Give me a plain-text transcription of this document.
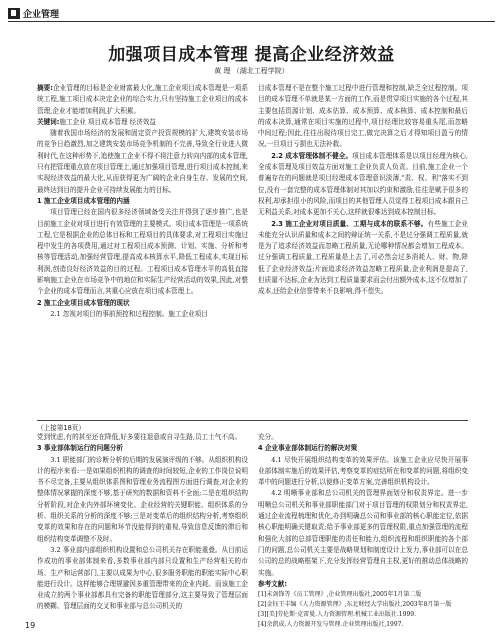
企业管理
加强项目成本管理 提高企业经济效益
黄 理 （湖北工程学院）

摘要:企业管理的目标是企业财富最大化,施工企业项目成本管理是一项系统工程,施工项目成本决定企业的综合实力,只有坚持施工企业项目的成本管理,企业才能增加利润,扩大积累。

关键词:施工企业 项目成本管理 经济效益

随着我国市场经济的发展和固定资产投资规模的扩大,建筑安装市场的竞争日趋激烈,加之建筑安装市场竞争机制的不完善,导致全行业进入微利时代,在这种形势下,追使施工企业不得不将注意力转向内部的成本管理,只有把管理重点放在项目管理上,通过加强项目管理,进行项目成本控制,来实现经济效益的最大化,从而获得更为广阔的企业自身生存、发展的空间,最终达到目的提升企业可持续发展能力的目标。

1 施工企业项目成本管理的内涵

项目管理已经在国内很多经济领域备受关注并得到了逐步推广,也是目前施工企业对项目进行有效管理的主要模式。项目成本管理是一项系统工程,它是根据企业的总体目标和工程项目的具体要求,对工程项目实施过程中发生的各项费用,通过对工程项目成本预测、计划、实施、分析和考核等管理活动,加强经营管理,提高成本核算水平,降低工程成本,实现目标利润,创造良好经济效益的目的过程。工程项目成本管理水平的高低直接影响施工企业在市场竞争中的地位和实际生产经营活动的效果,因此,对整个企业的成本管理而言,其重心应放在项目成本管理上。

2 施工企业项目成本管理的现状

2.1 忽视对项目的事前预控和过程控制。施工企业项目

目成本管理不是在整个施工过程中进行管理和控制,缺乏全过程控制。项目的成本管理不单就是某一方面的工作,而是贯穿项目实施的各个过程,其主要包括资源计划、成本估算、成本预算、成本核算、成本控制和最后的成本决算,通常在项目实施的过程中,项目经理比较容易重头尾,而忽略中间过程;因此,往往出现待项目完工,做完决算之后才得知项目盈亏的情况,一旦项目亏损也无法补救。

2.2 成本管理体制不健全。项目成本管理体系是以项目经理为核心,全成本管理及项目效益方面对施工企业负责人负责。目前,施工企业一个普遍存在的问题就是项目经理成本管理意识淡薄,"责、权、利"落实不到位,没有一套完整的成本管理体制对其加以约束和激励,往往是赋予很多的权利,却承担很小的风险,而项目的其他管理人员觉得工程项目成本跟自己无利益关系,对成本更加不关心,这样就很难达到成本控制目标。

2.3 施工企业对项目质量、工期与成本的联系不够。有些施工企业未能充分认识质量和成本之间的辩证统一关系,不是过分强调工程质量,就是为了追求经济效益而忽略工程质量,无论哪种情况都会增加工程成本。过分强调工程质量,工程质量是上去了,可必然会过多消耗人、财、物,降低了企业经济效益;片面追求经济效益忽略工程质量,企业利润是提高了,但质量不达标,企业为达到工程质量要求而会付出额外成本,这不仅增加了成本,还给企业信誉带来不良影响,得不偿失。

（上接第18页）

党到忧虑,有的甚至还在降低,好多要往退意或自寻生路,员工士气不高。

3 事业部体制运行的问题分析

3.1 职能部门的诊断分析的后期的发展演评级的不够。从组织机构设计的程序来看:一是如果组织机构的调查的时间较短,企业的工作岗位说明书不尽完备,主要从组织体系图和管理业务流程图方面进行调查,对企业的整体情况掌握的深度不够,基于研究的数据和资料不全面;二是在组织结构分析阶段,对企业内外部环境变化、企业经营的关键职能、组织体系的分析、组织关系的分析的深度不够;三是对变革后的组织结构分析,考察组织变革的效果和存在的问题和环节没能得到的重视,导致信息反馈的滞后和组织结构变革调整不及时。

3.2 事业部内部组织机构设置和总公司机关存在职能重叠。从目前运作成功的事业部体制来看,多数事业部内部只设置和生产经营相关的市场、生产和运营部门,主要以成果为中心,很多服务职能的职能实际中心职能进行设计。这样能够合理规避因多重管理带来的企业内耗。而该施工企业成立的两个事业部都具有完备的职能管理部分,这主要导致了管理层面的模糊、管理层面的交叉和事业部与总公司机关的

充分。

4 企业事业部体制运行的解决对策

4.1 尽快开展组织结构变革的效果评估。该施工企业应尽快开展事业部体制实施后的效果评估,考察变革的症结所在和变革的问题,将组织变革中的问题进行分析,以便修正变革方案,完善组织机构设计。

4.2 明晰事业部和总公司机关的管理界面划分和权责界定。进一步明晰总公司机关和事业部职能部门对于项目管理的权限划分和权责界定,通过企业流程梳理和优化,办到明确总公司和事业部的核心职能定位,依据核心职能明确关键取责;给予事业部更多的管理权限,重点加强管理的流程和强化大部的总部管理职能的责任和能力,组织流程和组织职能的各个部门的问题,总公司机关主要是战略规划和制度设计上发力,事业部可以在总公司的总的战略框架下,充分发挥经营管理自主权,更好的推动总体战略的实施。

参考文献:

[1]未剑锋等《员工管理》,企业管理出版社,2005年1月第二版

[2]金钰王丰编《人力资源管理》,东北财经大学出版社,2003年8月第一版

[3][美]劳伦斯·克雷曼.人力资源管理.机械工业出版社.1999.

[4]余凯成.人力资源开发与管理.企业管理出版社,1997.

19
